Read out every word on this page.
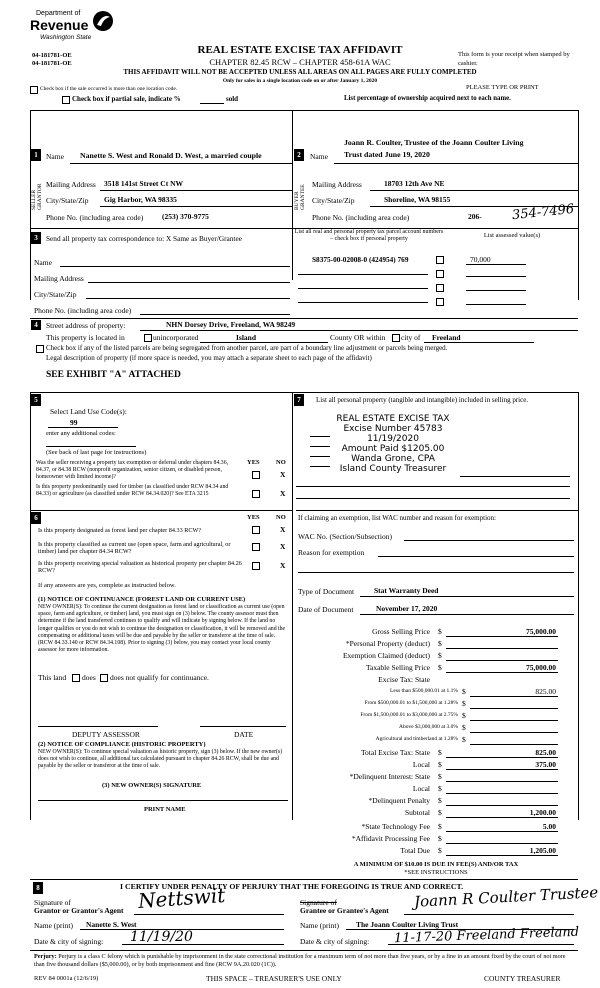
Department of
Revenue
Washington State
04-181781-OE
04-181781-OE
REAL ESTATE EXCISE TAX AFFIDAVIT
CHAPTER 82.45 RCW – CHAPTER 458-61A WAC
THIS AFFIDAVIT WILL NOT BE ACCEPTED UNLESS ALL AREAS ON ALL PAGES ARE FULLY COMPLETED
Only for sales in a single location code on or after January 1, 2020
This form is your receipt when stamped by cashier.
PLEASE TYPE OR PRINT
Check box if the sale occurred is more than one location code.
Check box if partial sale, indicate %	sold	List percentage of ownership acquired next to each name.
1	Name Nanette S. West and Ronald D. West, a married couple
SELLER GRANTOR Mailing Address 3518 141st Street Ct NW
City/State/Zip Gig Harbor, WA 98335
Phone No. (including area code) (253) 370-9775
Joann R. Coulter, Trustee of the Joann Coulter Living
2	Name Trust dated June 19, 2020
BUYER GRANTEE Mailing Address	18703 12th Ave NE
City/State/Zip	Shoreline, WA 98155
Phone No. (including area code)	206- 354-7496
3	Send all property tax correspondence to: X Same as Buyer/Grantee
List all real and personal property tax parcel account numbers – check box if personal property	List assessed value(s)
Name	S8375-00-02008-0 (424954) 769	70,000
Mailing Address
City/State/Zip
Phone No. (including area code)
4	Street address of property:	NHN Dorsey Drive, Freeland, WA 98249
This property is located in	unincorporated	Island	County OR within city of Freeland
Check box if any of the listed parcels are being segregated from another parcel, are part of a boundary line adjustment or parcels being merged.
Legal description of property (if more space is needed, you may attach a separate sheet to each page of the affidavit)
SEE EXHIBIT "A" ATTACHED
5
Select Land Use Code(s):
99
enter any additional codes:
(See back of last page for instructions)
YES	NO
Was the seller receiving a property tax exemption or deferral under chapters 84.36, 84.37, or 84.38 RCW (nonprofit organization, senior citizen, or disabled person, homeowner with limited income)?	X
Is this property predominantly used for timber (as classified under RCW 84.34 and 84.33) or agriculture (as classified under RCW 84.34.020)? See ETA 3215	X
6	YES	NO
Is this property designated as forest land per chapter 84.33 RCW?	X
Is this property classified as current use (open space, farm and agricultural, or timber) land per chapter 84.34 RCW?
X
Is this property receiving special valuation as historical property per chapter 84.26 RCW?
X
If any answers are yes, complete as instructed below.
(1) NOTICE OF CONTINUANCE (FOREST LAND OR CURRENT USE)
NEW OWNER(S): To continue the current designation as forest land or classification as current use (open space, farm and agriculture, or timber) land, you must sign on (3) below. The county assessor must then determine if the land transferred continues to qualify and will indicate by signing below. If the land no longer qualifies or you do not wish to continue the designation or classification, it will be removed and the compensating or additional taxes will be due and payable by the seller or transferor at the time of sale. (RCW 84.33.140 or RCW 84.34.108). Prior to signing (3) below, you may contact your local county assessor for more information.
This land does does not qualify for continuance.
DEPUTY ASSESSOR	DATE
(2) NOTICE OF COMPLIANCE (HISTORIC PROPERTY)
NEW OWNER(S): To continue special valuation as historic property, sign (3) below. If the new owner(s) does not wish to continue, all additional tax calculated pursuant to chapter 84.26 RCW, shall be due and payable by the seller or transferor at the time of sale.
(3) NEW OWNER(S) SIGNATURE
PRINT NAME
7	List all personal property (tangible and intangible) included in selling price.
REAL ESTATE EXCISE TAX
Excise Number 45783
11/19/2020
Amount Paid $1205.00
Wanda Grone, CPA
Island County Treasurer
If claiming an exemption, list WAC number and reason for exemption:
WAC No. (Section/Subsection)
Reason for exemption
Type of Document	Stat Warranty Deed
Date of Document	November 17, 2020
Gross Selling Price $	75,000.00
*Personal Property (deduct) $
Exemption Claimed (deduct) $
Taxable Selling Price $	75,000.00
Excise Tax: State
Less than $500,000.01 at 1.1% $	825.00
From $500,000.01 to $1,500,000 at 1.28% $
From $1,500,000.01 to $3,000,000 at 2.75% $
Above $3,000,000 at 3.0% $
Agricultural and timberland at 1.28% $
Total Excise Tax: State $	825.00
Local $	375.00
*Delinquent Interest: State $
Local $
*Delinquent Penalty $
Subtotal $	1,200.00
*State Technology Fee $	5.00
*Affidavit Processing Fee $
Total Due $	1,205.00
A MINIMUM OF $10.00 IS DUE IN FEE(S) AND/OR TAX
*SEE INSTRUCTIONS
8	I CERTIFY UNDER PENALTY OF PERJURY THAT THE FOREGOING IS TRUE AND CORRECT.
Signature of
Grantor or Grantor's Agent Nettswit	Signature of
Grantee or Grantee's Agent Joann R Coulter Trustee
Name (print) Nanette S. West	Name (print) The Joann Coulter Living Trust
Date & city of signing: 11/19/20	Date & city of signing: 11-17-20 Freeland Freeland
Perjury: Perjury is a class C felony which is punishable by imprisonment in the state correctional institution for a maximum term of not more than five years, or by a fine in an amount fixed by the court of not more than five thousand dollars ($5,000.00), or by both imprisonment and fine (RCW 9A.20.020 (1C)).
REV 84 0001a (12/6/19)	THIS SPACE – TREASURER'S USE ONLY	COUNTY TREASURER
